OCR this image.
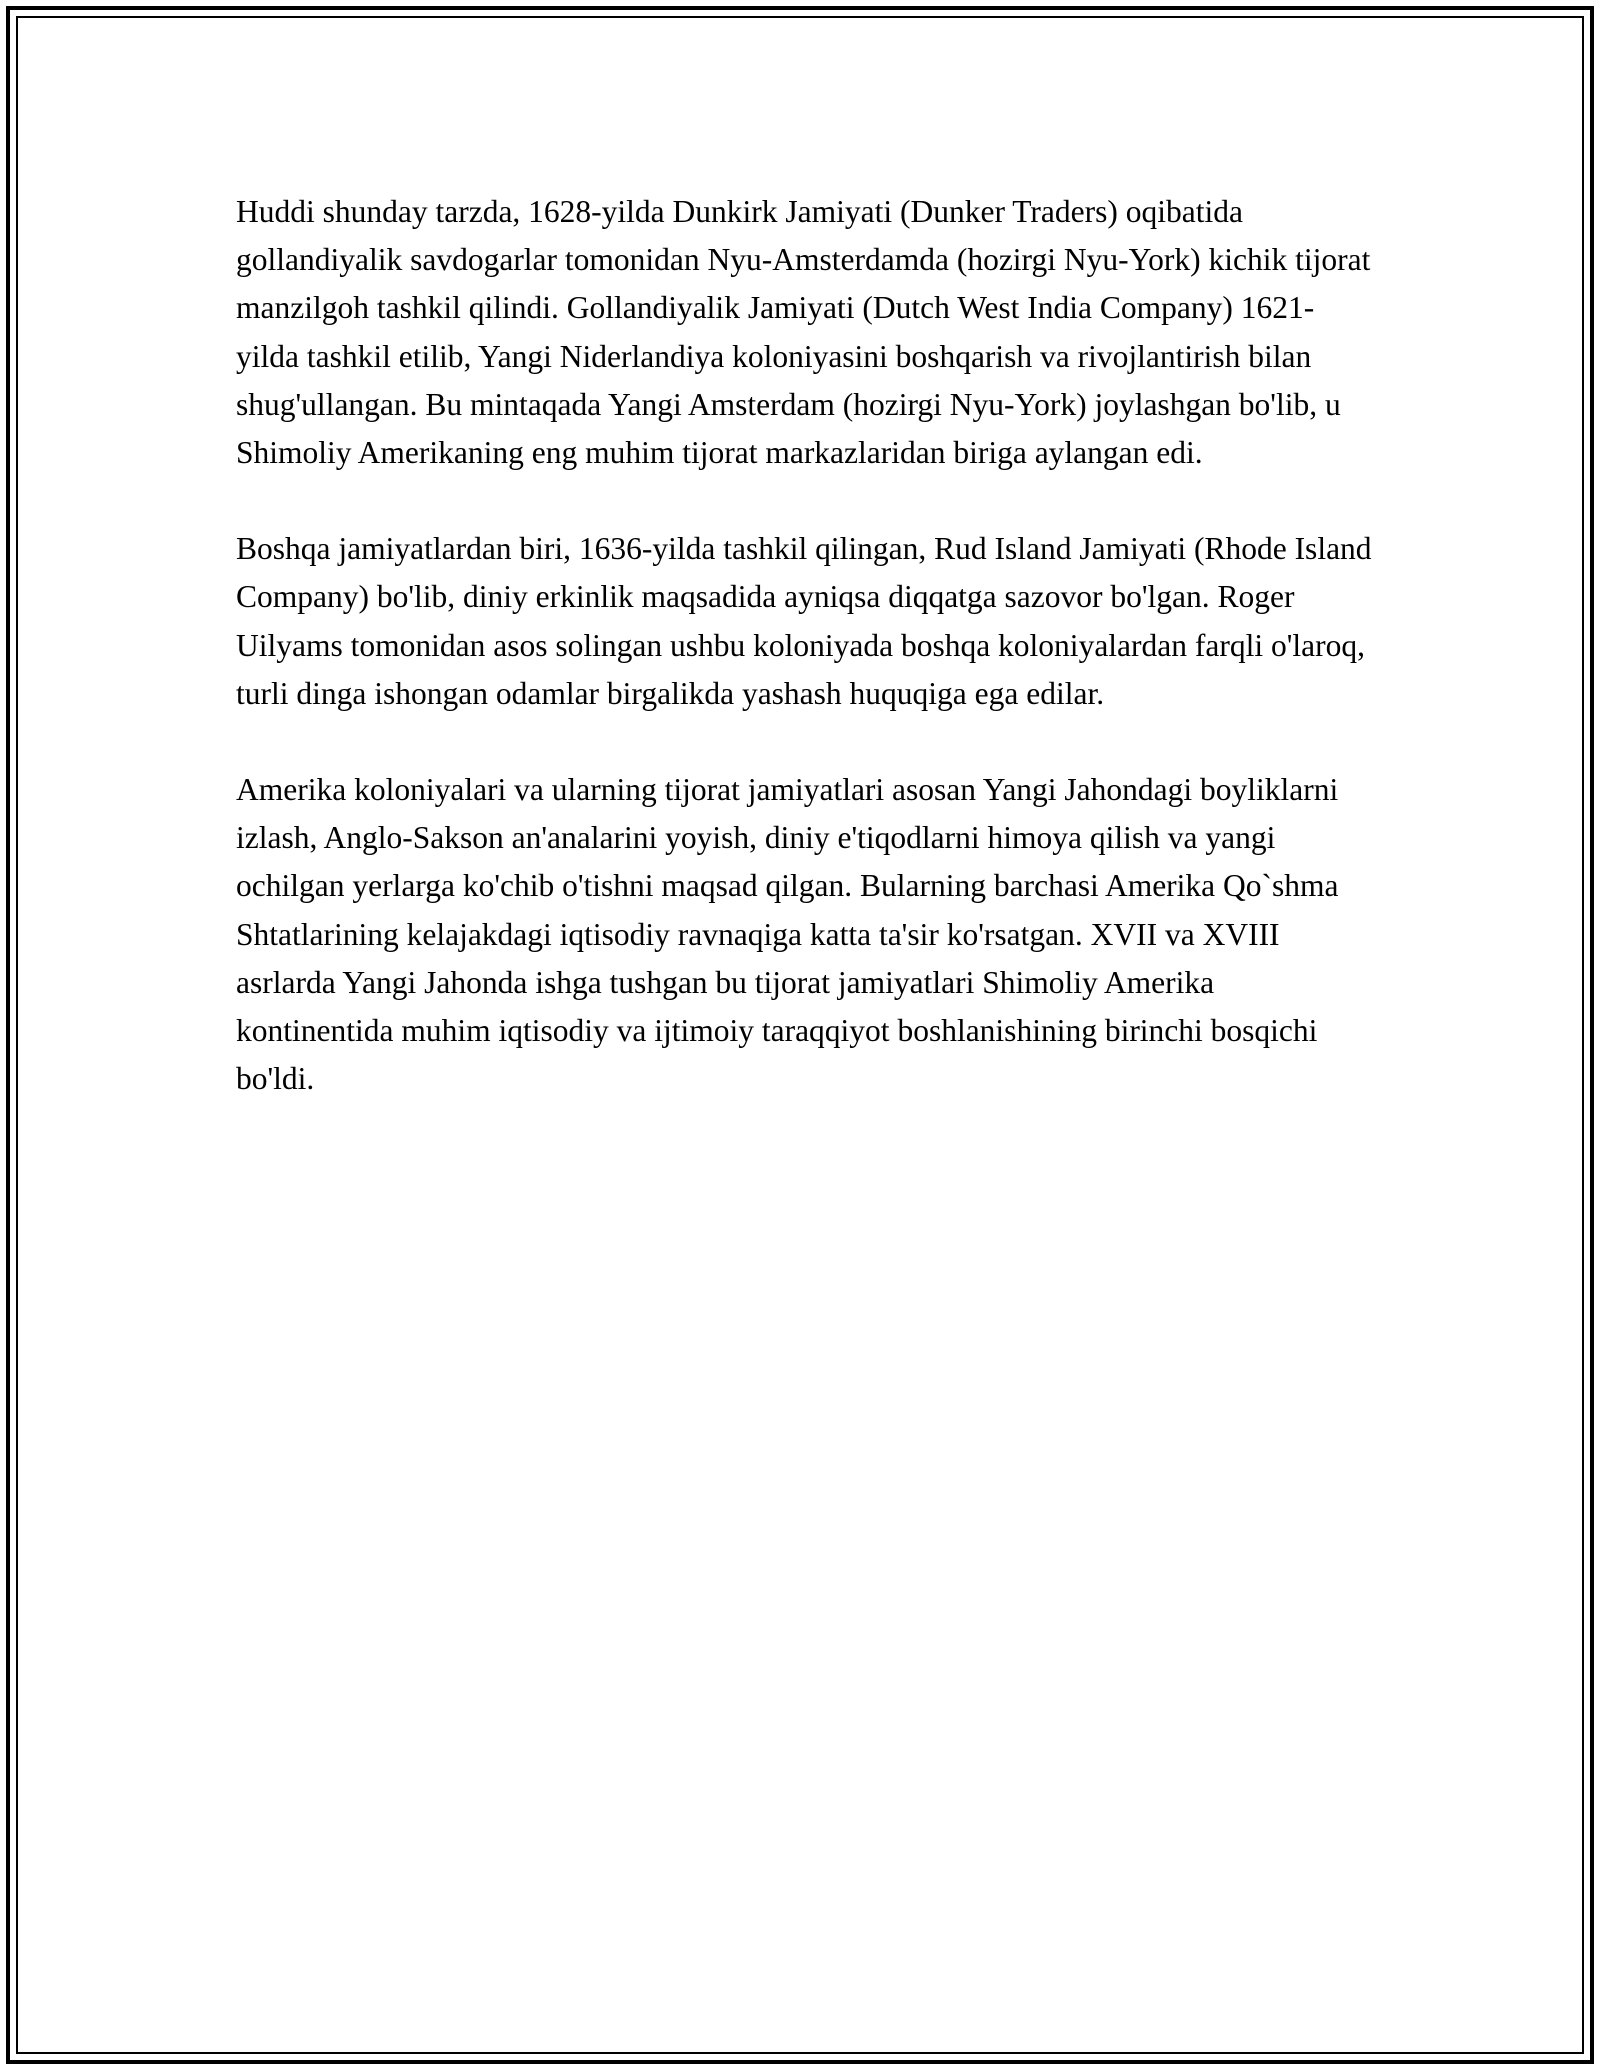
Huddi shunday tarzda, 1628-yilda Dunkirk Jamiyati (Dunker Traders) oqibatida gollandiyalik savdogarlar tomonidan Nyu-Amsterdamda (hozirgi Nyu-York) kichik tijorat manzilgoh tashkil qilindi. Gollandiyalik Jamiyati (Dutch West India Company) 1621-yilda tashkil etilib, Yangi Niderlandiya koloniyasini boshqarish va rivojlantirish bilan shug'ullangan. Bu mintaqada Yangi Amsterdam (hozirgi Nyu-York) joylashgan bo'lib, u Shimoliy Amerikaning eng muhim tijorat markazlaridan biriga aylangan edi.

Boshqa jamiyatlardan biri, 1636-yilda tashkil qilingan, Rud Island Jamiyati (Rhode Island Company) bo'lib, diniy erkinlik maqsadida ayniqsa diqqatga sazovor bo'lgan. Roger Uilyams tomonidan asos solingan ushbu koloniyada boshqa koloniyalardan farqli o'laroq, turli dinga ishongan odamlar birgalikda yashash huquqiga ega edilar.

Amerika koloniyalari va ularning tijorat jamiyatlari asosan Yangi Jahondagi boyliklarni izlash, Anglo-Sakson an'analarini yoyish, diniy e'tiqodlarni himoya qilish va yangi ochilgan yerlarga ko'chib o'tishni maqsad qilgan. Bularning barchasi Amerika Qo`shma Shtatlarining kelajakdagi iqtisodiy ravnaqiga katta ta'sir ko'rsatgan. XVII va XVIII asrlarda Yangi Jahonda ishga tushgan bu tijorat jamiyatlari Shimoliy Amerika kontinentida muhim iqtisodiy va ijtimoiy taraqqiyot boshlanishining birinchi bosqichi bo'ldi.
